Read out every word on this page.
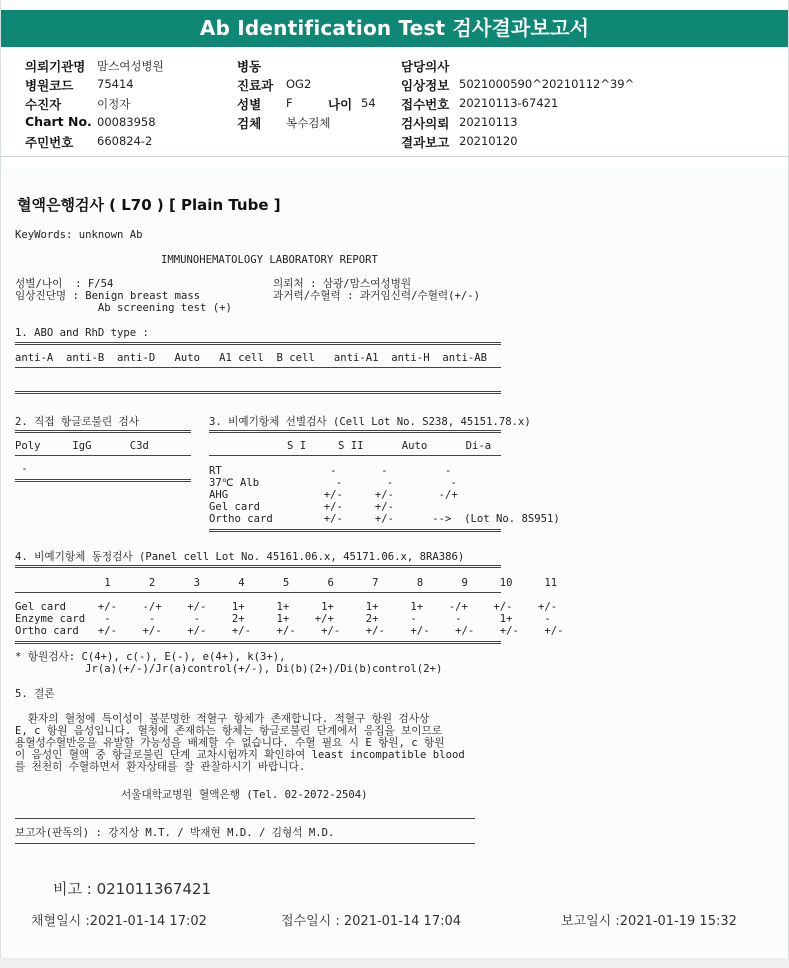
Ab Identification Test 검사결과보고서
의뢰기관명 맘스여성병원
병원코드 75414
수진자	이정자
Chart No. 00083958
주민번호 660824-2
병동
진료과 OG2
성별 F	나이 54
검체 복수검체
담당의사
임상정보 5021000590^20210112^39^
접수번호 20210113-67421
검사의뢰 20210113
결과보고 20210120
혈액은행검사 ( L70 ) [ Plain Tube ]
KeyWords: unknown Ab
IMMUNOHEMATOLOGY LABORATORY REPORT
성별/나이  : F/54
임상진단명 : Benign breast mass
Ab screening test (+)
의뢰처 : 삼광/맘스여성병원
과거력/수혈력 : 과거임신력/수혈력(+/-)
1. ABO and RhD type :
anti-A  anti-B  anti-D   Auto   A1 cell  B cell   anti-A1  anti-H  anti-AB
2. 직접 항글로불린 검사
Poly     IgG      C3d
-
3. 비예기항체 선별검사 (Cell Lot No. S238, 45151.78.x)
S I     S II      Auto      Di-a
RT                 -       -         -
37℃ Alb            -       -         -
AHG               +/-     +/-       -/+
Gel card          +/-     +/-
Ortho card        +/-     +/-      -->  (Lot No. 8S951)
4. 비예기항체 동정검사 (Panel cell Lot No. 45161.06.x, 45171.06.x, 8RA386)
1      2      3      4      5      6      7      8      9     10     11
Gel card     +/-    -/+    +/-    1+     1+     1+     1+     1+    -/+    +/-    +/-
Enzyme card   -      -      -     2+     1+    +/+     2+     -      -      1+     -
Ortho card   +/-    +/-    +/-    +/-    +/-    +/-    +/-    +/-    +/-    +/-    +/-
* 항원검사: C(4+), c(-), E(-), e(4+), k(3+),
Jr(a)(+/-)/Jr(a)control(+/-), Di(b)(2+)/Di(b)control(2+)
5. 결론
환자의 혈청에 특이성이 불분명한 적혈구 항체가 존재합니다. 적혈구 항원 검사상
E, c 항원 음성입니다. 혈청에 존재하는 항체는 항글로불린 단계에서 응집을 보이므로
용혈성수혈반응을 유발할 가능성을 배제할 수 없습니다. 수혈 필요 시 E 항원, c 항원
이 음성인 혈액 중 항글로불린 단계 교차시험까지 확인하여 least incompatible blood
를 천천히 수혈하면서 환자상태를 잘 관찰하시기 바랍니다.
서울대학교병원 혈액은행 (Tel. 02-2072-2504)
보고자(판독의) : 강지상 M.T. / 박재현 M.D. / 김형석 M.D.
비고 : 021011367421
채혈일시 :2021-01-14 17:02	접수일시 : 2021-01-14 17:04	보고일시 :2021-01-19 15:32
